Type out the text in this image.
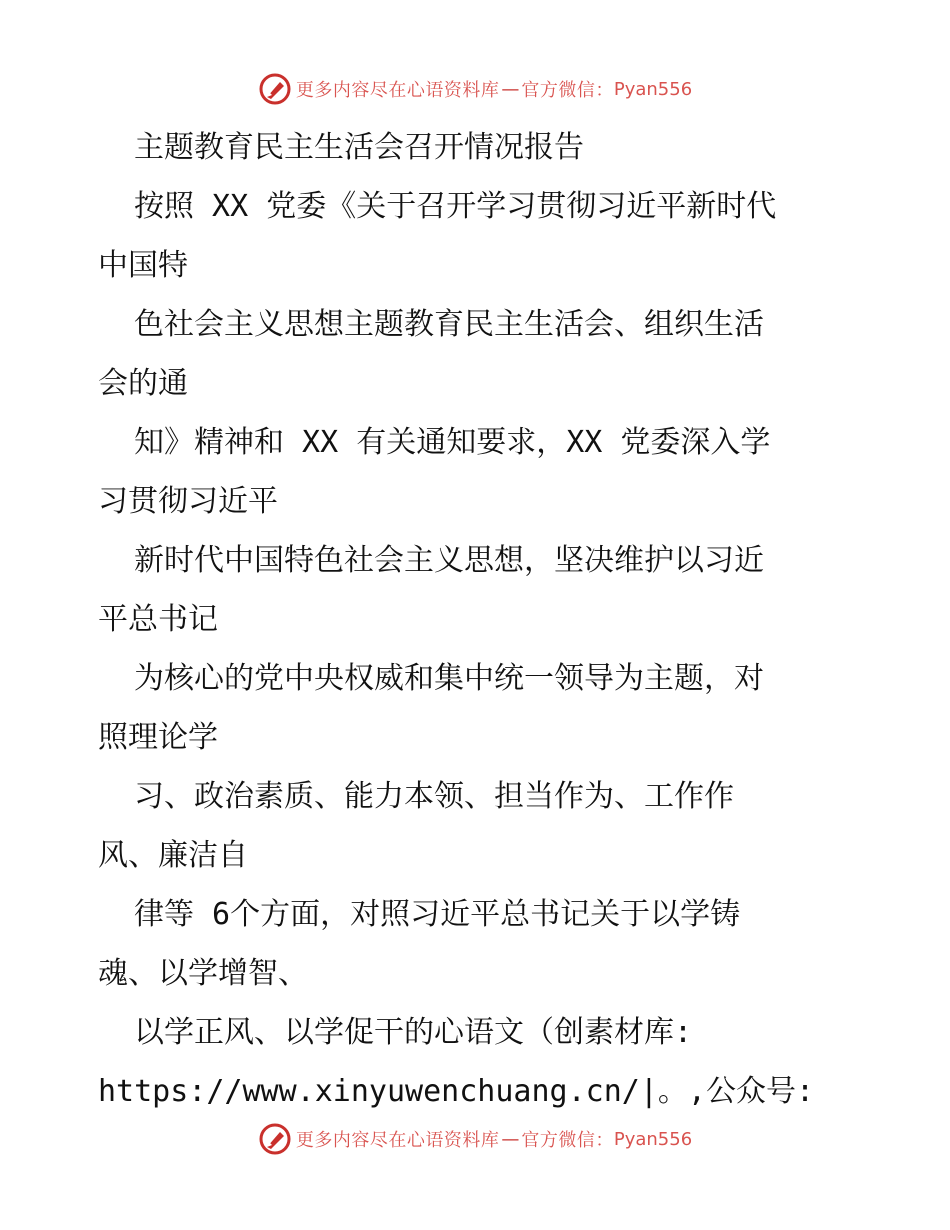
更多内容尽在心语资料库 — 官方微信： Pyan556
主题教育民主生活会召开情况报告
按照 XX 党委《关于召开学习贯彻习近平新时代
中国特
色社会主义思想主题教育民主生活会、组织生活
会的通
知》精神和 XX 有关通知要求，XX 党委深入学
习贯彻习近平
新时代中国特色社会主义思想，坚决维护以习近
平总书记
为核心的党中央权威和集中统一领导为主题，对
照理论学
习、政治素质、能力本领、担当作为、工作作
风、廉洁自
律等 6个方面，对照习近平总书记关于以学铸
魂、以学增智、
以学正风、以学促干的心语文（创素材库:
https://www.xinyuwenchuang.cn/|。,公众号:
更多内容尽在心语资料库 — 官方微信： Pyan556
